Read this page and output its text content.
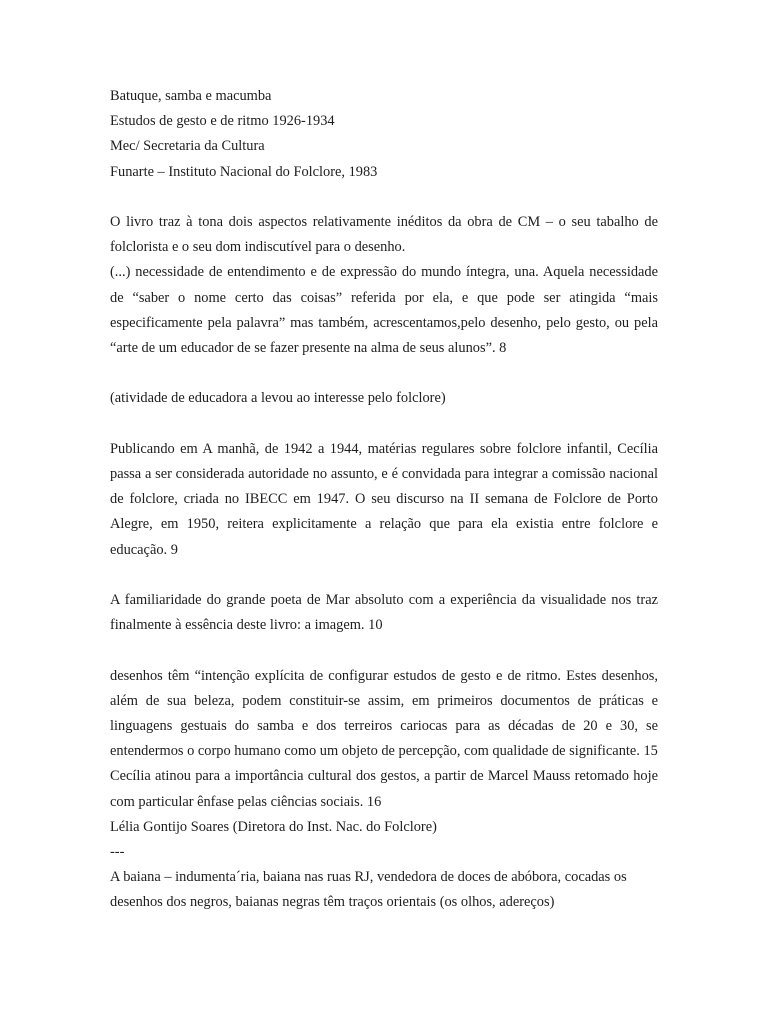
Batuque, samba e macumba

Estudos de gesto e de ritmo 1926-1934

Mec/ Secretaria da Cultura

Funarte – Instituto Nacional do Folclore, 1983

O livro traz à tona dois aspectos relativamente inéditos da obra de CM – o seu tabalho de folclorista e o seu dom indiscutível para o desenho.

(...) necessidade de entendimento e de expressão do mundo íntegra, una. Aquela necessidade de “saber o nome certo das coisas” referida por ela, e que pode ser atingida “mais especificamente pela palavra” mas também, acrescentamos,pelo desenho, pelo gesto, ou pela “arte de um educador de se fazer presente na alma de seus alunos”. 8

(atividade de educadora a levou ao interesse pelo folclore)

Publicando em A manhã, de 1942 a 1944, matérias regulares sobre folclore infantil, Cecília passa a ser considerada autoridade no assunto, e é convidada para integrar a comissão nacional de folclore, criada no IBECC em 1947. O seu discurso na II semana de Folclore de Porto Alegre, em 1950, reitera explicitamente a relação que para ela existia entre folclore e educação. 9

A familiaridade do grande poeta de Mar absoluto com a experiência da visualidade nos traz finalmente à essência deste livro: a imagem. 10

desenhos têm “intenção explícita de configurar estudos de gesto e de ritmo. Estes desenhos, além de sua beleza, podem constituir-se assim, em primeiros documentos de práticas e linguagens gestuais do samba e dos terreiros cariocas para as décadas de 20 e 30, se entendermos o corpo humano como um objeto de percepção, com qualidade de significante. 15

Cecília atinou para a importância cultural dos gestos, a partir de Marcel Mauss retomado hoje com particular ênfase pelas ciências sociais. 16

Lélia Gontijo Soares (Diretora do Inst. Nac. do Folclore)

---

A baiana – indumenta´ria, baiana nas ruas RJ, vendedora de doces de abóbora, cocadas os desenhos dos negros, baianas negras têm traços orientais (os olhos, adereços)
